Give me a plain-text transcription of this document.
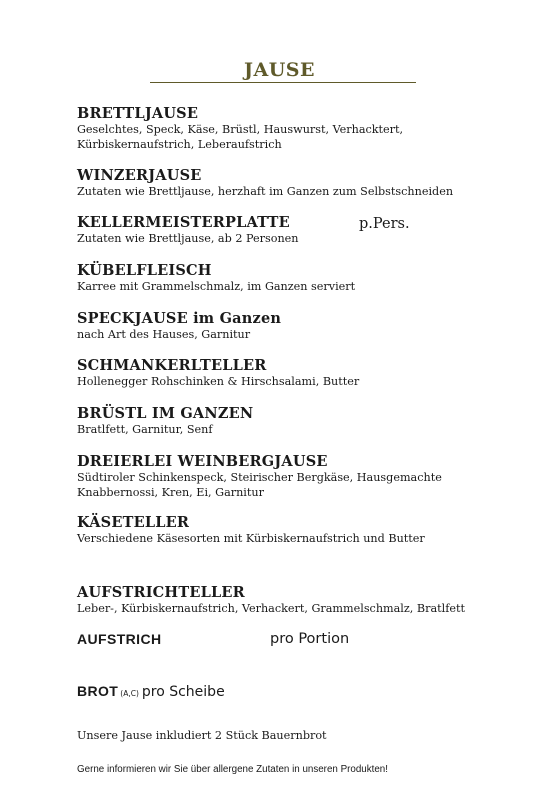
JAUSE
BRETTLJAUSE
Geselchtes, Speck, Käse, Brüstl, Hauswurst, Verhacktert, Kürbiskernaufstrich, Leberaufstrich
WINZERJAUSE
Zutaten wie Brettljause, herzhaft im Ganzen zum Selbstschneiden
KELLERMEISTERPLATTE
Zutaten wie Brettljause, ab 2 Personen
p.Pers.
KÜBELFLEISCH
Karree mit Grammelschmalz, im Ganzen serviert
SPECKJAUSE im Ganzen
nach Art des Hauses, Garnitur
SCHMANKERLTELLER
Hollenegger Rohschinken & Hirschsalami, Butter
BRÜSTL IM GANZEN
Bratlfett, Garnitur, Senf
DREIERLEI WEINBERGJAUSE
Südtiroler Schinkenspeck, Steirischer Bergkäse, Hausgemachte Knabbernossi, Kren, Ei, Garnitur
KÄSETELLER
Verschiedene Käsesorten mit Kürbiskernaufstrich und Butter
AUFSTRICHTELLER
Leber-, Kürbiskernaufstrich, Verhackert, Grammelschmalz, Bratlfett
AUFSTRICH	pro Portion
BROT (A,C) pro Scheibe
Unsere Jause inkludiert 2 Stück Bauernbrot
Gerne informieren wir Sie über allergene Zutaten in unseren Produkten!
